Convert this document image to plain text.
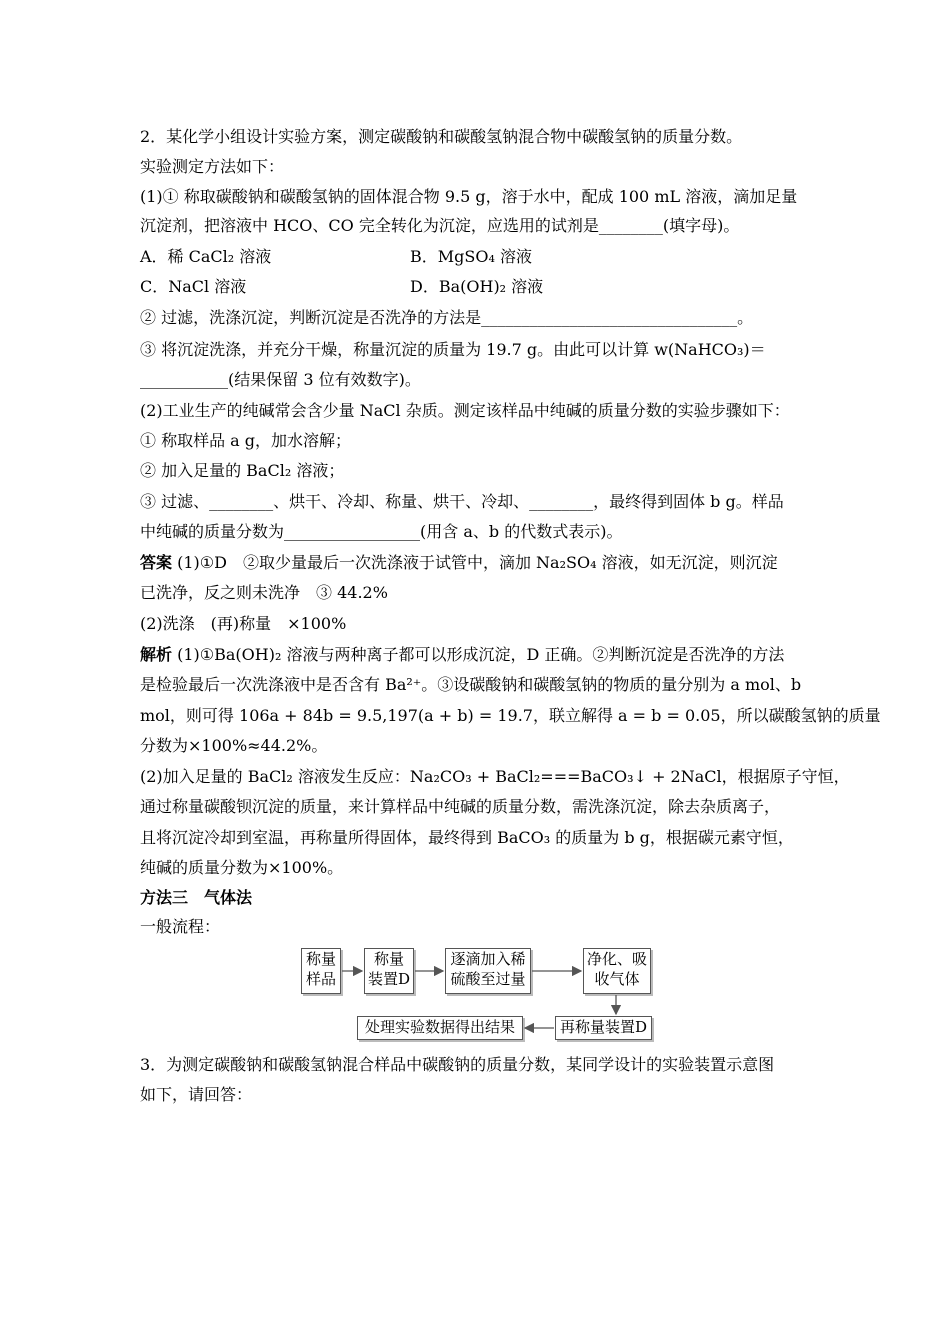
2．某化学小组设计实验方案，测定碳酸钠和碳酸氢钠混合物中碳酸氢钠的质量分数。
实验测定方法如下：
(1)① 称取碳酸钠和碳酸氢钠的固体混合物 9.5 g，溶于水中，配成 100 mL 溶液，滴加足量
沉淀剂，把溶液中 HCO、CO 完全转化为沉淀，应选用的试剂是________(填字母)。
A．稀 CaCl₂ 溶液	B．MgSO₄ 溶液
C．NaCl 溶液	D．Ba(OH)₂ 溶液
② 过滤，洗涤沉淀，判断沉淀是否洗净的方法是________________________________。
③ 将沉淀洗涤，并充分干燥，称量沉淀的质量为 19.7 g。由此可以计算 w(NaHCO₃)＝
___________(结果保留 3 位有效数字)。
(2)工业生产的纯碱常会含少量 NaCl 杂质。测定该样品中纯碱的质量分数的实验步骤如下：
① 称取样品 a g，加水溶解；
② 加入足量的 BaCl₂ 溶液；
③ 过滤、________、烘干、冷却、称量、烘干、冷却、________，最终得到固体 b g。样品
中纯碱的质量分数为_________________(用含 a、b 的代数式表示)。
答案 (1)①D　②取少量最后一次洗涤液于试管中，滴加 Na₂SO₄ 溶液，如无沉淀，则沉淀
已洗净，反之则未洗净　③ 44.2%
(2)洗涤　(再)称量　×100%
解析 (1)①Ba(OH)₂ 溶液与两种离子都可以形成沉淀，D 正确。②判断沉淀是否洗净的方法
是检验最后一次洗涤液中是否含有 Ba²⁺。③设碳酸钠和碳酸氢钠的物质的量分别为 a mol、b
mol，则可得 106a + 84b = 9.5,197(a + b) = 19.7，联立解得 a = b = 0.05，所以碳酸氢钠的质量
分数为×100%≈44.2%。
(2)加入足量的 BaCl₂ 溶液发生反应：Na₂CO₃ + BaCl₂===BaCO₃↓ + 2NaCl，根据原子守恒，
通过称量碳酸钡沉淀的质量，来计算样品中纯碱的质量分数，需洗涤沉淀，除去杂质离子，
且将沉淀冷却到室温，再称量所得固体，最终得到 BaCO₃ 的质量为 b g，根据碳元素守恒，
纯碱的质量分数为×100%。
方法三　气体法
一般流程：
称量
样品
称量
装置D
逐滴加入稀
硫酸至过量
净化、吸
收气体
再称量装置D
处理实验数据得出结果
3．为测定碳酸钠和碳酸氢钠混合样品中碳酸钠的质量分数，某同学设计的实验装置示意图
如下，请回答：
